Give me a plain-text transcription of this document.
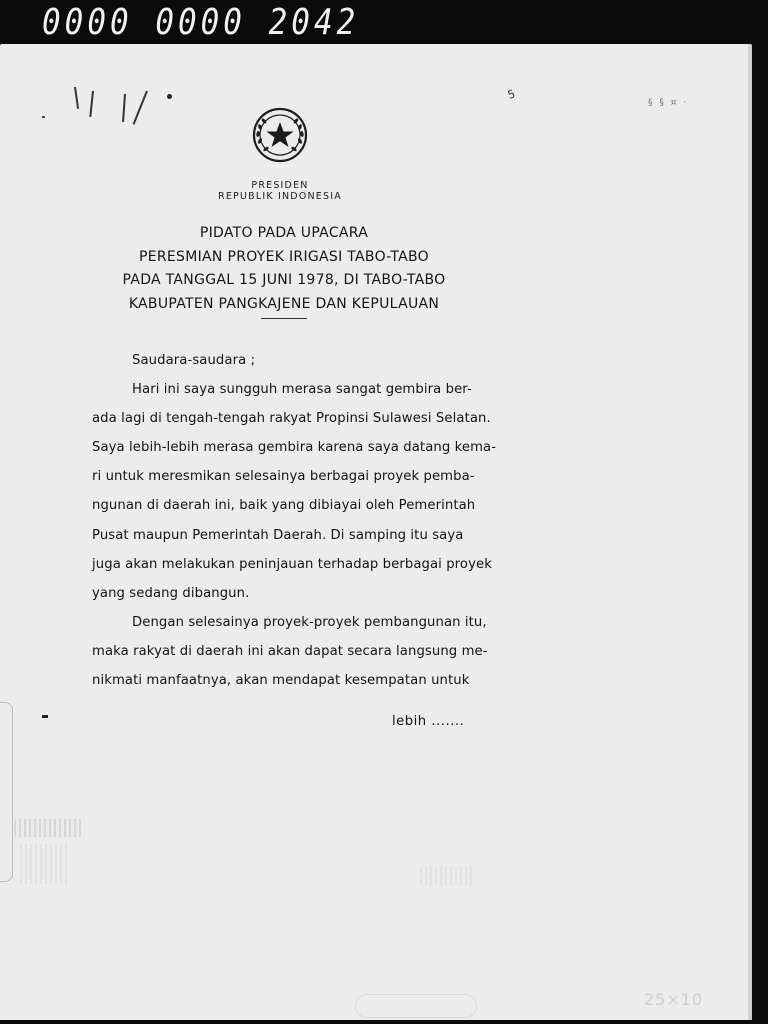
0000 0000 2042
5
§ § ¤ ·
PRESIDEN
REPUBLIK INDONESIA
PIDATO PADA UPACARA
PERESMIAN PROYEK IRIGASI TABO-TABO
PADA TANGGAL 15 JUNI 1978, DI TABO-TABO
KABUPATEN PANGKAJENE DAN KEPULAUAN
Saudara-saudara ;
Hari ini saya sungguh merasa sangat gembira ber-
ada lagi di tengah-tengah rakyat Propinsi Sulawesi Selatan.
Saya lebih-lebih merasa gembira karena saya datang kema-
ri untuk meresmikan selesainya berbagai proyek pemba-
ngunan di daerah ini, baik yang dibiayai oleh Pemerintah
Pusat maupun Pemerintah Daerah. Di samping itu saya
juga akan melakukan peninjauan terhadap berbagai proyek
yang sedang dibangun.
Dengan selesainya proyek-proyek pembangunan itu,
maka rakyat di daerah ini akan dapat secara langsung me-
nikmati manfaatnya, akan mendapat kesempatan untuk
lebih .......
25×10
